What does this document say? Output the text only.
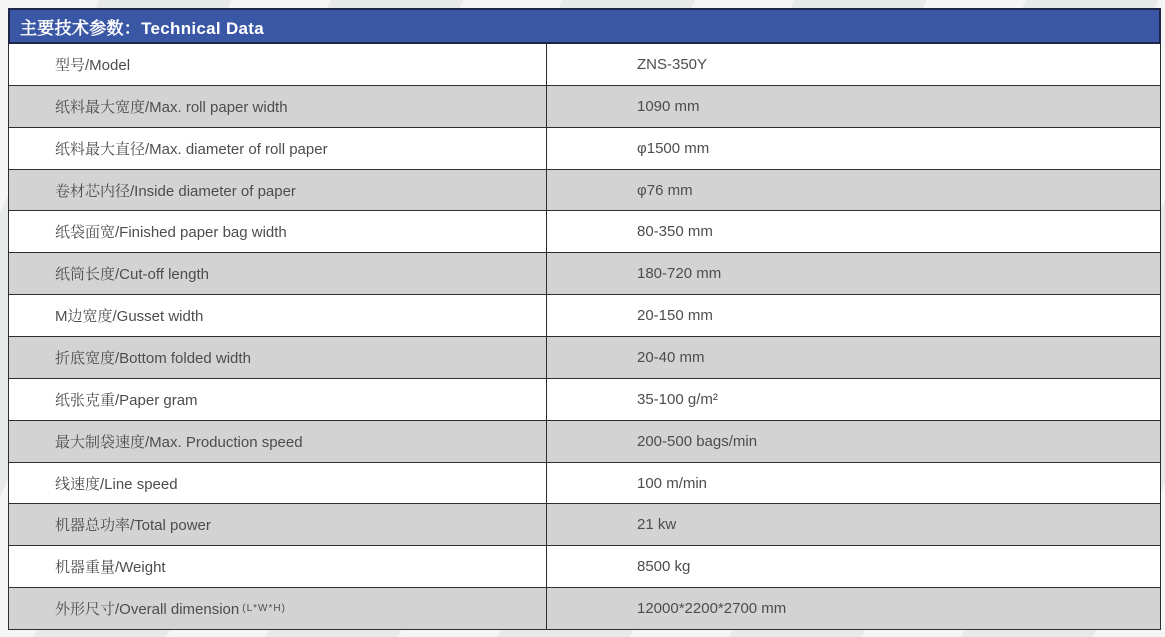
主要技术参数：Technical Data
型号/Model	ZNS-350Y
纸料最大宽度/Max. roll paper width	1090 mm
纸料最大直径/Max. diameter of roll paper	φ1500 mm
卷材芯内径/Inside diameter of paper	φ76 mm
纸袋面宽/Finished paper bag width	80-350 mm
纸筒长度/Cut-off length	180-720 mm
M边宽度/Gusset width	20-150 mm
折底宽度/Bottom folded width	20-40 mm
纸张克重/Paper gram	35-100 g/m²
最大制袋速度/Max. Production speed	200-500 bags/min
线速度/Line speed	100 m/min
机器总功率/Total power	21 kw
机器重量/Weight	8500 kg
外形尺寸/Overall dimension (L*W*H)	12000*2200*2700 mm
